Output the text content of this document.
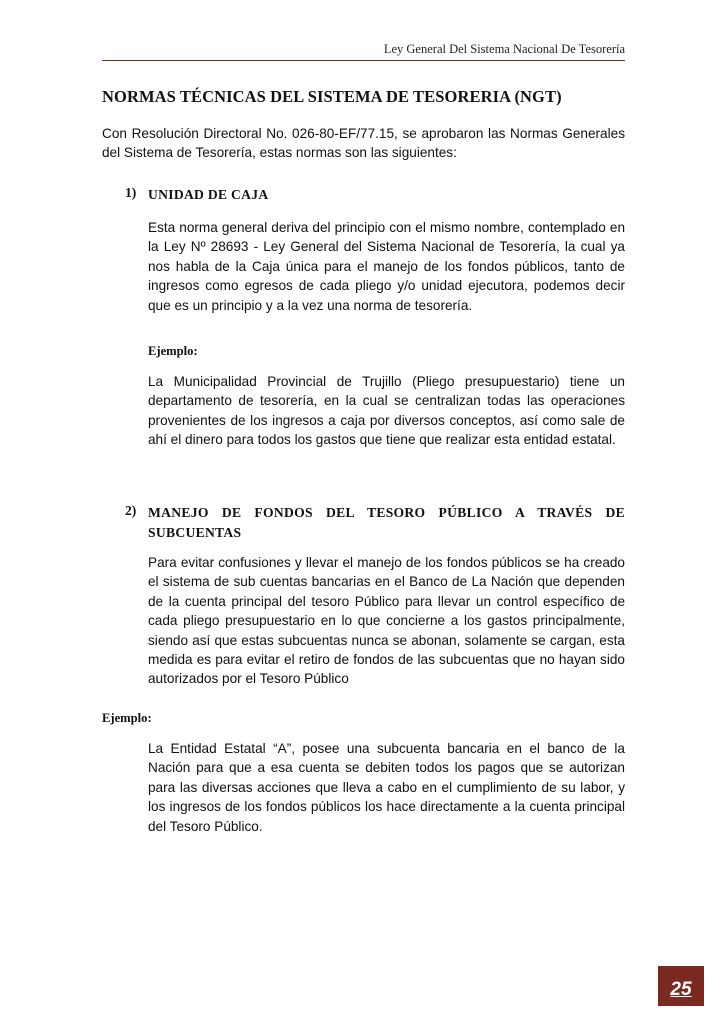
Ley General Del Sistema Nacional De Tesorería
NORMAS TÉCNICAS DEL SISTEMA DE TESORERIA (NGT)

Con Resolución Directoral No. 026-80-EF/77.15, se aprobaron las Normas Generales del Sistema de Tesorería, estas normas son las siguientes:

1) UNIDAD DE CAJA

Esta norma general deriva del principio con el mismo nombre, contemplado en la Ley Nº 28693 - Ley General del Sistema Nacional de Tesorería, la cual ya nos habla de la Caja única para el manejo de los fondos públicos, tanto de ingresos como egresos de cada pliego y/o unidad ejecutora, podemos decir que es un principio y a la vez una norma de tesorería.

Ejemplo:

La Municipalidad Provincial de Trujillo (Pliego presupuestario) tiene un departamento de tesorería, en la cual se centralizan todas las operaciones provenientes de los ingresos a caja por diversos conceptos, así como sale de ahí el dinero para todos los gastos que tiene que realizar esta entidad estatal.

2) MANEJO DE FONDOS DEL TESORO PÚBLICO A TRAVÉS DE SUBCUENTAS

Para evitar confusiones y llevar el manejo de los fondos públicos se ha creado el sistema de sub cuentas bancarias en el Banco de La Nación que dependen de la cuenta principal del tesoro Público para llevar un control específico de cada pliego presupuestario en lo que concierne a los gastos principalmente, siendo así que estas subcuentas nunca se abonan, solamente se cargan, esta medida es para evitar el retiro de fondos de las subcuentas que no hayan sido autorizados por el Tesoro Público

Ejemplo:

La Entidad Estatal “A”, posee una subcuenta bancaria en el banco de la Nación para que a esa cuenta se debiten todos los pagos que se autorizan para las diversas acciones que lleva a cabo en el cumplimiento de su labor, y los ingresos de los fondos públicos los hace directamente a la cuenta principal del Tesoro Público.

25
